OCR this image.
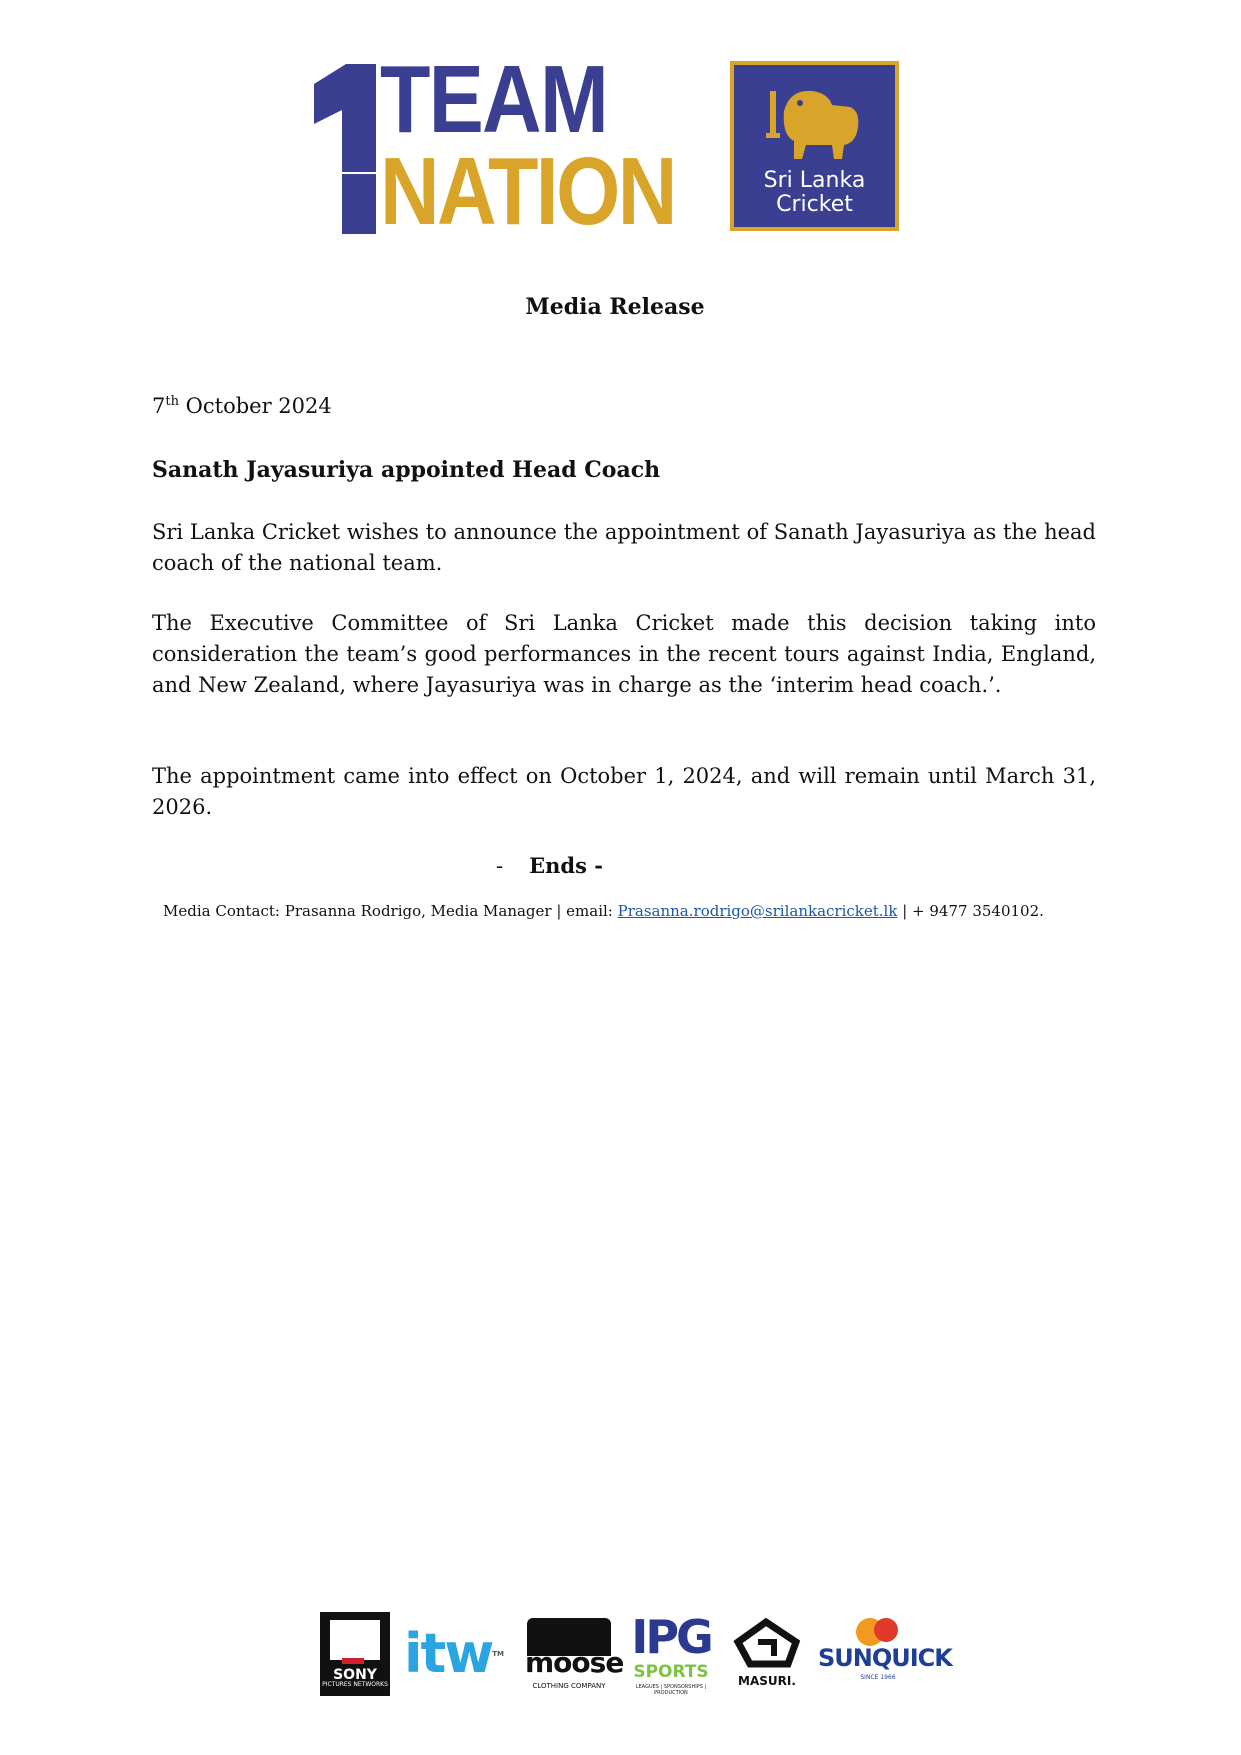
TEAM
NATION	Sri Lanka
Cricket
Media Release
7th October 2024
Sanath Jayasuriya appointed Head Coach
Sri Lanka Cricket wishes to announce the appointment of Sanath Jayasuriya as the head coach of the national team.
The Executive Committee of Sri Lanka Cricket made this decision taking into consideration the team’s good performances in the recent tours against India, England, and New Zealand, where Jayasuriya was in charge as the ‘interim head coach.’.
The appointment came into effect on October 1, 2024, and will remain until March 31, 2026.
- Ends -
Media Contact: Prasanna Rodrigo, Media Manager | email: Prasanna.rodrigo@srilankacricket.lk | + 9477 3540102.
SONY
PICTURES NETWORKS itw™ moose
CLOTHING COMPANY
IPG
SPORTS
LEAGUES | SPONSORSHIPS | PRODUCTION
MASURI.
SUNQUICK
SINCE 1966
